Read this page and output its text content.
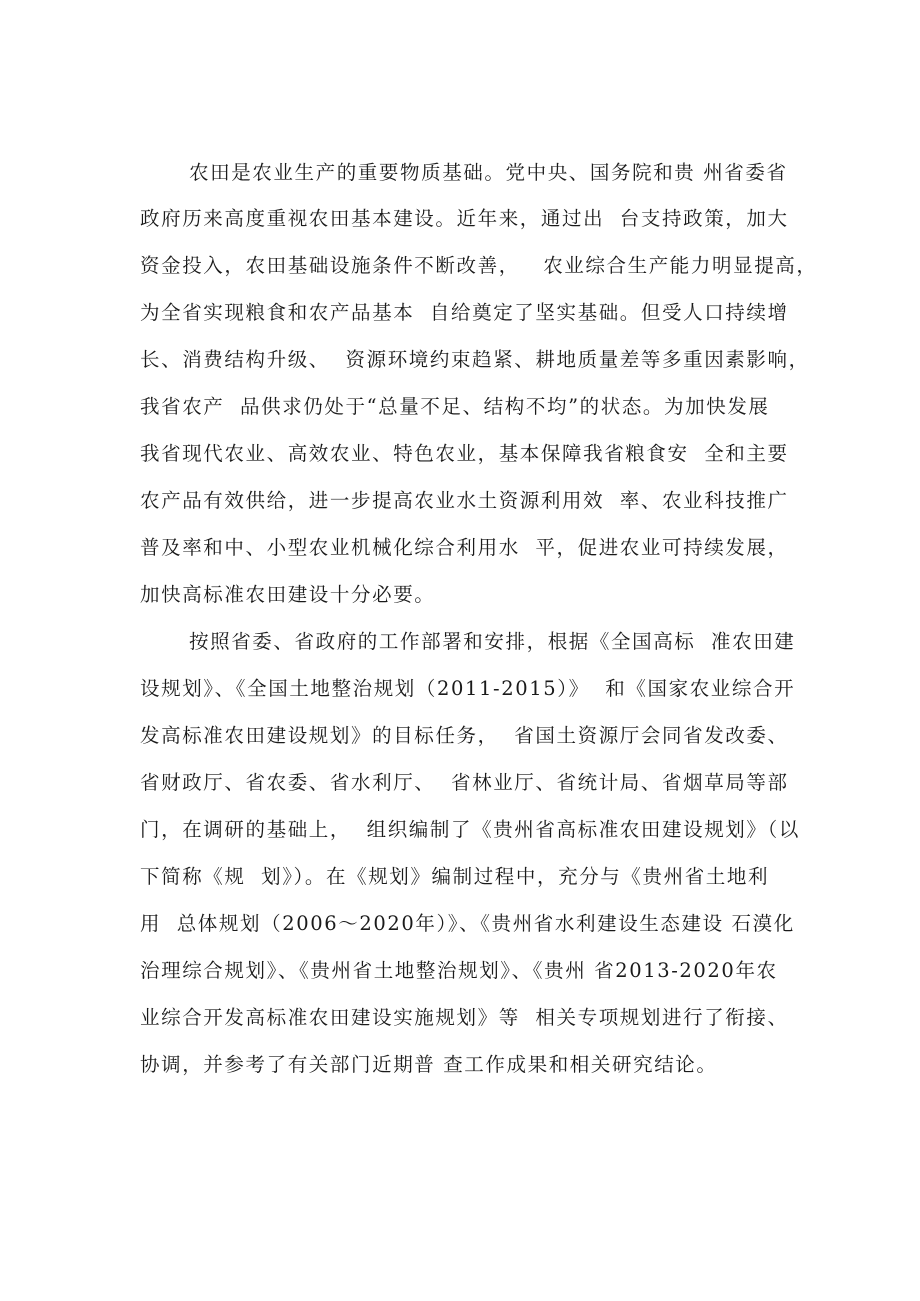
农田是农业生产的重要物质基础。党中央、国务院和贵 州省委省
政府历来高度重视农田基本建设。近年来，通过出  台支持政策，加大
资金投入，农田基础设施条件不断改善，   农业综合生产能力明显提高，
为全省实现粮食和农产品基本  自给奠定了坚实基础。但受人口持续增
长、消费结构升级、  资源环境约束趋紧、耕地质量差等多重因素影响，
我省农产  品供求仍处于“总量不足、结构不均”的状态。为加快发展
我省现代农业、高效农业、特色农业，基本保障我省粮食安  全和主要
农产品有效供给，进一步提高农业水土资源利用效  率、农业科技推广
普及率和中、小型农业机械化综合利用水  平，促进农业可持续发展，
加快高标准农田建设十分必要。
按照省委、省政府的工作部署和安排，根据《全国高标  准农田建
设规划》、《全国土地整治规划（2011-2015）》  和《国家农业综合开
发高标准农田建设规划》的目标任务，  省国土资源厅会同省发改委、
省财政厅、省农委、省水利厅、  省林业厅、省统计局、省烟草局等部
门，在调研的基础上，  组织编制了《贵州省高标准农田建设规划》（以
下简称《规  划》）。在《规划》编制过程中，充分与《贵州省土地利
用  总体规划（2006～2020年）》、《贵州省水利建设生态建设 石漠化
治理综合规划》、《贵州省土地整治规划》、《贵州 省2013-2020年农
业综合开发高标准农田建设实施规划》等  相关专项规划进行了衔接、
协调，并参考了有关部门近期普 查工作成果和相关研究结论。
